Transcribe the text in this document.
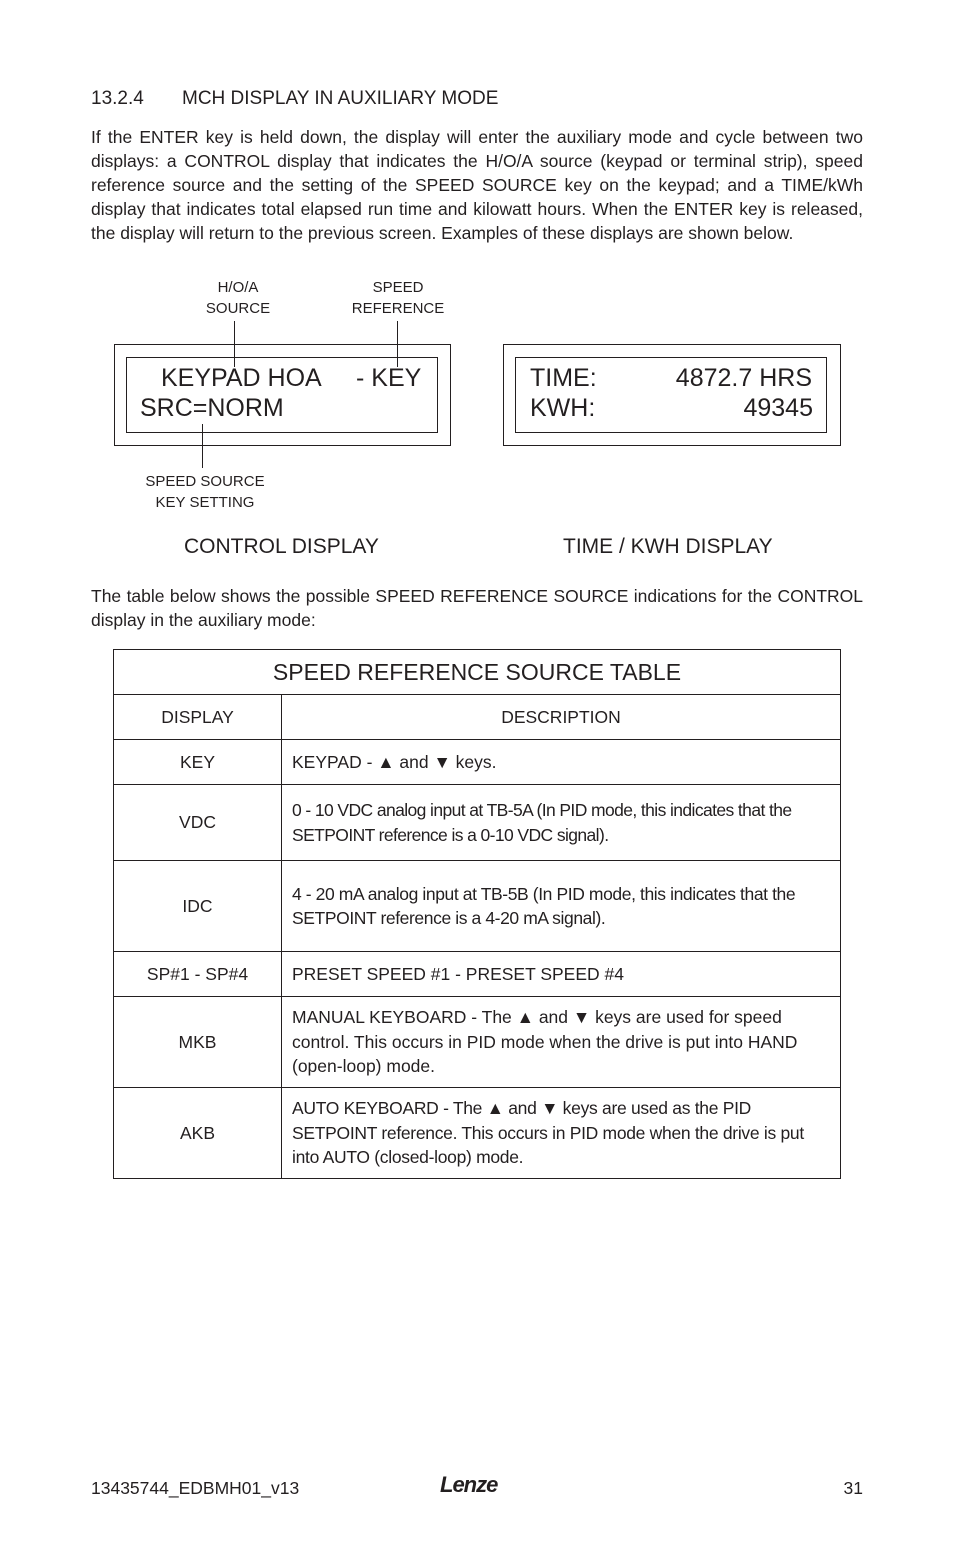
13.2.4 MCH DISPLAY IN AUXILIARY MODE
If the ENTER key is held down, the display will enter the auxiliary mode and cycle between two displays: a CONTROL display that indicates the H/O/A source (keypad or terminal strip), speed reference source and the setting of the SPEED SOURCE key on the keypad; and a TIME/kWh display that indicates total elapsed run time and kilowatt hours. When the ENTER key is released, the display will return to the previous screen. Examples of these displays are shown below.
H/O/A
SOURCE
SPEED
REFERENCE
KEYPAD HOA - KEY
SRC=NORM
SPEED SOURCE
KEY SETTING
TIME:	4872.7 HRS
KWH:	49345
CONTROL DISPLAY	TIME / KWH DISPLAY
The table below shows the possible SPEED REFERENCE SOURCE indications for the CONTROL display in the auxiliary mode:
SPEED REFERENCE SOURCE TABLE	
DISPLAY	DESCRIPTION
KEY	KEYPAD - ▲ and ▼ keys.
VDC	0 - 10 VDC analog input at TB-5A (In PID mode, this indicates that the SETPOINT reference is a 0-10 VDC signal).
IDC	4 - 20 mA analog input at TB-5B (In PID mode, this indicates that the SETPOINT reference is a 4-20 mA signal).
SP#1 - SP#4	PRESET SPEED #1 - PRESET SPEED #4
MKB	MANUAL KEYBOARD - The ▲ and ▼ keys are used for speed control. This occurs in PID mode when the drive is put into HAND (open-loop) mode.
AKB	AUTO KEYBOARD - The ▲ and ▼ keys are used as the PID SETPOINT reference. This occurs in PID mode when the drive is put into AUTO (closed-loop) mode.
13435744_EDBMH01_v13	Lenze	31
